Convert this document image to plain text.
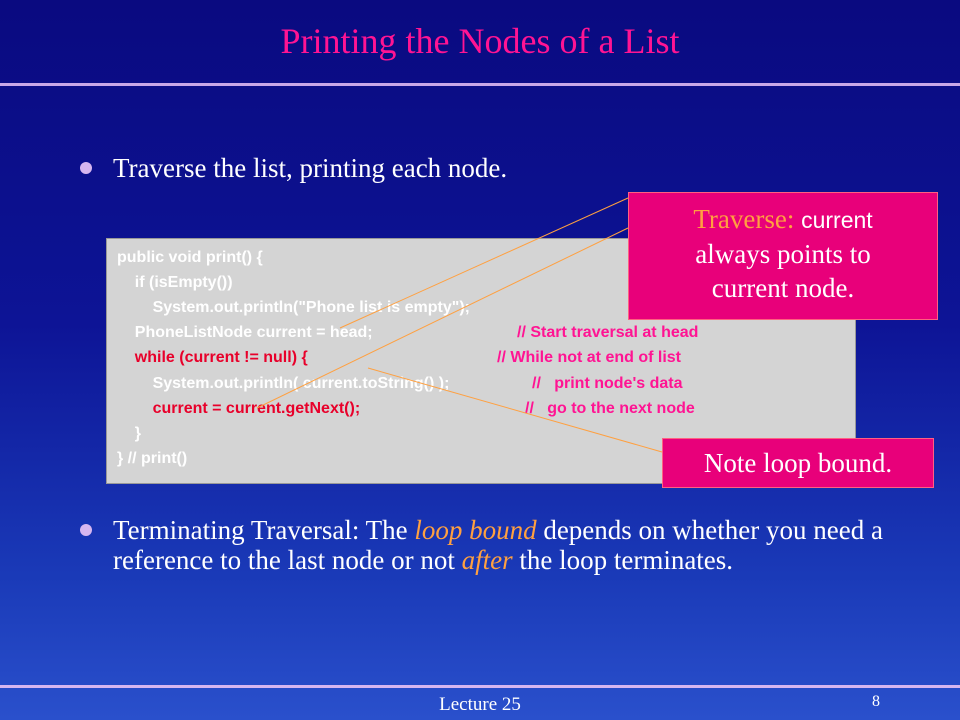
Printing the Nodes of a List
Traverse the list, printing each node.
public void print() {
if (isEmpty())
System.out.println("Phone list is empty");
PhoneListNode current = head;	// Start traversal at head
while (current != null) {	// While not at end of list
System.out.println( current.toString() );	//   print node's data
current = current.getNext();	//   go to the next node
}
} // print()
Traverse: current
always points to
current node.
Note loop bound.
Terminating Traversal: The loop bound depends on whether you need a reference to the last node or not after the loop terminates.
Lecture 25	8
